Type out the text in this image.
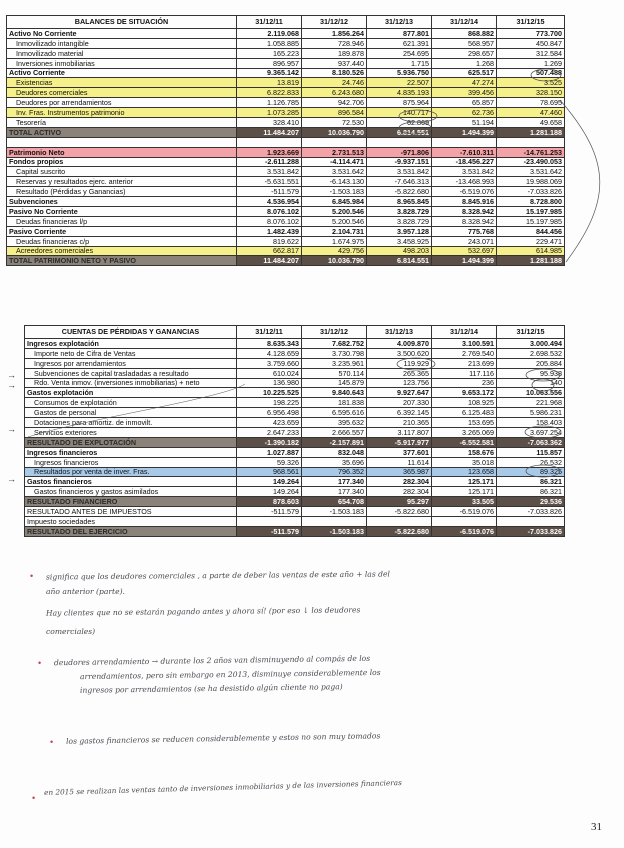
BALANCES DE SITUACIÓN	31/12/11	31/12/12	31/12/13	31/12/14	31/12/15
Activo No Corriente	2.119.068	1.856.264	877.801	868.882	773.700
Inmovilizado intangible	1.058.885	728.946	621.391	568.957	450.847
Inmovilizado material	165.223	189.878	254.695	298.657	312.584
Inversiones inmobiliarias	896.957	937.440	1.715	1.268	1.269
Activo Corriente	9.365.142	8.180.526	5.936.750	625.517	507.488
Existencias	13.819	24.746	22.507	47.274	3.525
Deudores comerciales	6.822.833	6.243.680	4.835.193	399.456	328.150
Deudores por arrendamientos	1.126.785	942.706	875.964	65.857	78.695
Inv. Fras. Instrumentos patrimonio	1.073.285	896.584	140.717	62.736	47.460
Tesorería	328.410	72.530	62.869	51.194	49.658
TOTAL ACTIVO	11.484.207	10.036.790	6.814.551	1.494.399	1.281.188

Patrimonio Neto	1.923.669	2.731.513	-971.806	-7.610.311	-14.761.253
Fondos propios	-2.611.288	-4.114.471	-9.937.151	-18.456.227	-23.490.053
Capital suscrito	3.531.842	3.531.642	3.531.842	3.531.842	3.531.642
Reservas y resultados ejerc. anterior	-5.631.551	-6.143.130	-7.646.313	-13.468.993	19.988.069
Resultado (Pérdidas y Ganancias)	-511.579	-1.503.183	-5.822.680	-6.519.076	-7.033.826
Subvenciones	4.536.954	6.845.984	8.965.845	8.845.916	8.728.800
Pasivo No Corriente	8.076.102	5.200.546	3.828.729	8.328.942	15.197.985
Deudas financieras l/p	8.076.102	5.200.546	3.828.729	8.328.942	15.197.985
Pasivo Corriente	1.482.439	2.104.731	3.957.128	775.768	844.456
Deudas financieras c/p	819.622	1.674.975	3.458.925	243.071	229.471
Acreedores comerciales	662.817	429.756	498.203	532.697	614.985
TOTAL PATRIMONIO NETO Y PASIVO	11.484.207	10.036.790	6.814.551	1.494.399	1.281.188
CUENTAS DE PÉRDIDAS Y GANANCIAS	31/12/11	31/12/12	31/12/13	31/12/14	31/12/15
Ingresos explotación	8.635.343	7.682.752	4.009.870	3.100.591	3.000.494
Importe neto de Cifra de Ventas	4.128.659	3.730.798	3.500.620	2.769.540	2.698.532
Ingresos por arrendamientos	3.759.660	3.235.961	119.929	213.699	205.884
Subvenciones de capital trasladadas a resultado	610.024	570.114	265.365	117.116	95.938
Rdo. Venta inmov. (inversiones inmobiliarias) + neto	136.980	145.879	123.756	236	140
Gastos explotación	10.225.525	9.840.643	9.927.647	9.653.172	10.063.556
Consumos de explotación	198.225	181.838	207.330	108.925	221.968
Gastos de personal	6.956.498	6.595.616	6.392.145	6.125.483	5.986.231
Dotaciones para amortiz. de inmovilt.	423.659	395.632	210.365	153.695	158.403
Servicios exteriores	2.647.233	2.666.557	3.117.807	3.265.069	3.697.254
RESULTADO DE EXPLOTACIÓN	-1.390.182	-2.157.891	-5.917.977	-6.552.581	-7.063.362
Ingresos financieros	1.027.887	832.048	377.601	158.676	115.857
Ingresos financieros	59.326	35.696	11.614	35.018	26.532
Resultados por venta de inver. Fras.	968.561	796.352	365.987	123.658	89.325
Gastos financieros	149.264	177.340	282.304	125.171	86.321
Gastos financieros y gastos asimilados	149.264	177.340	282.304	125.171	86.321
RESULTADO FINANCIERO	878.603	654.708	95.297	33.505	29.536
RESULTADO ANTES DE IMPUESTOS	-511.579	-1.503.183	-5.822.680	-6.519.076	-7.033.826
Impuesto sociedades					
RESULTADO DEL EJERCICIO	-511.579	-1.503.183	-5.822.680	-6.519.076	-7.033.826
→
→
→
→
• significa que los deudores comerciales , a parte de deber las ventas de este año + las del
año anterior (parte).
Hay clientes que no se estarán pagando antes y ahora sí! (por eso ↓ los deudores
comerciales)
• deudores arrendamiento → durante los 2 años van disminuyendo al compás de los
arrendamientos, pero sin embargo en 2013, disminuye considerablemente los
ingresos por arrendamientos (se ha desistido algún cliente no paga)
• los gastos financieros se reducen considerablemente y estos no son muy tomados
•
en 2015 se realizan las ventas tanto de inversiones inmobiliarias y de las inversiones financieras
31
